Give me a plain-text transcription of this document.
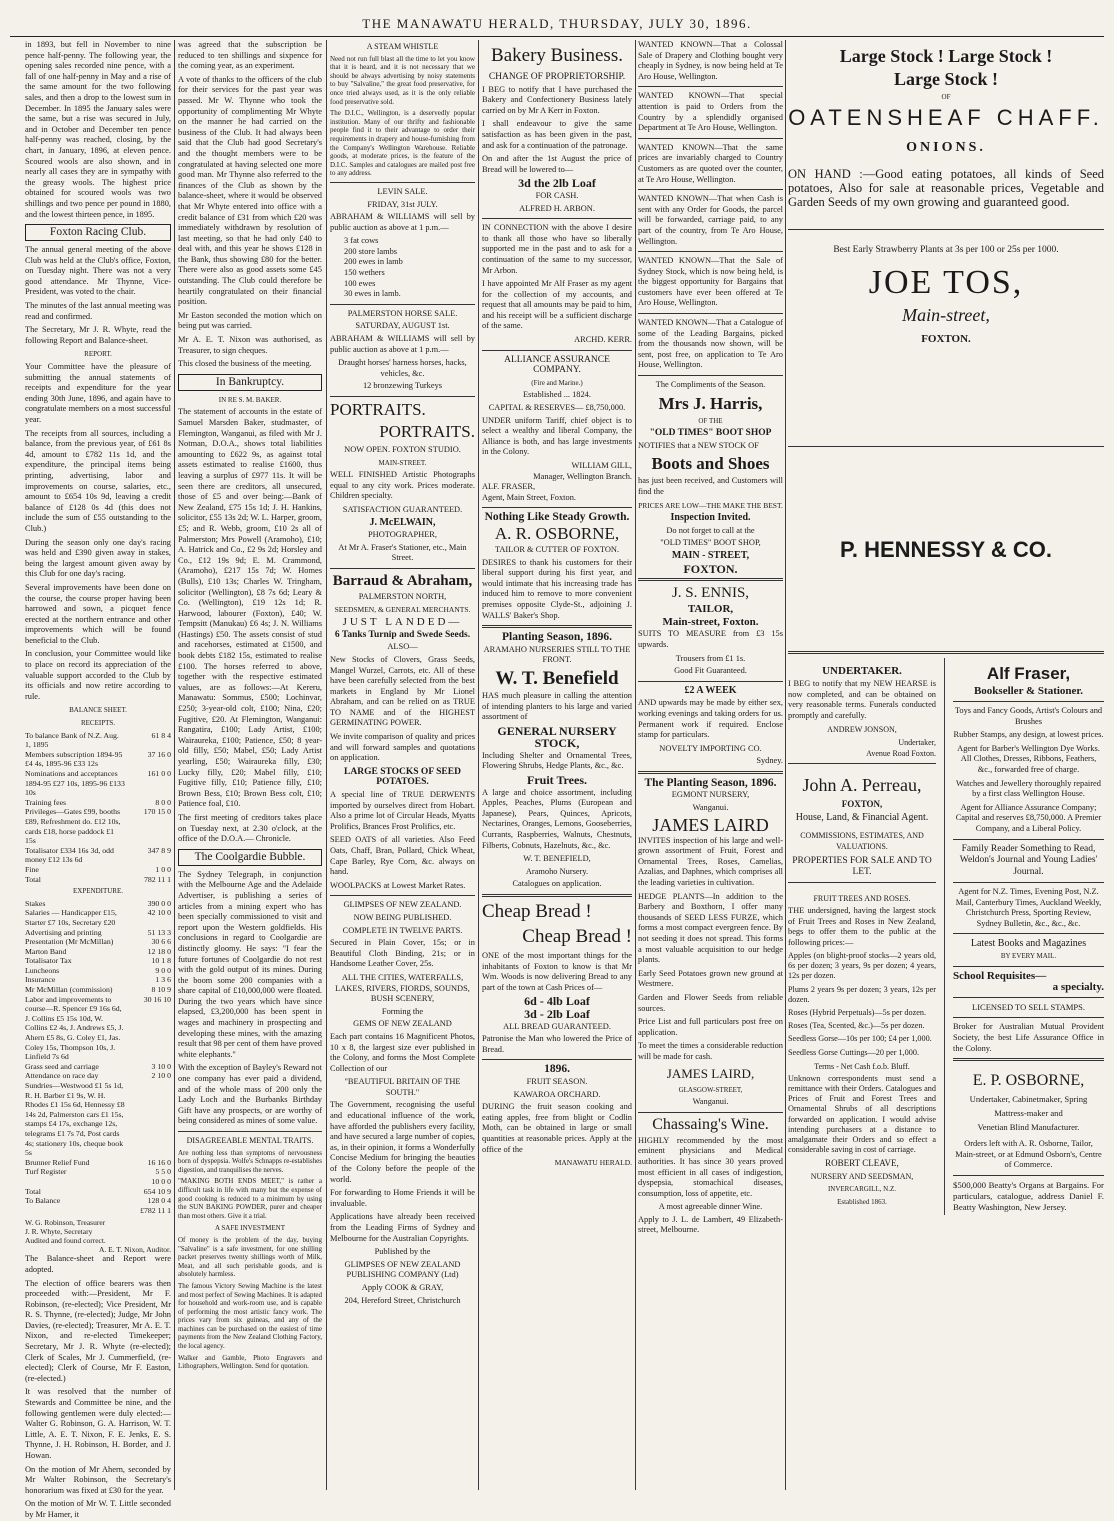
THE MANAWATU HERALD, THURSDAY, JULY 30, 1896.

in 1893, but fell in November to nine pence half-penny. The following year, the opening sales recorded nine pence, with a fall of one half-penny in May and a rise of the same amount for the two following sales, and then a drop to the lowest sum in December. In 1895 the January sales were the same, but a rise was secured in July, and in October and December ten pence half-penny was reached, closing, by the chart, in January, 1896, at eleven pence. Scoured wools are also shown, and in nearly all cases they are in sympathy with the greasy wools. The highest price obtained for scoured wools was two shillings and two pence per pound in 1880, and the lowest thirteen pence, in 1895.

Foxton Racing Club.

The annual general meeting of the above Club was held at the Club's office, Foxton, on Tuesday night. There was not a very good attendance. Mr Thynne, Vice-President, was voted to the chair.

The minutes of the last annual meeting was read and confirmed.

The Secretary, Mr J. R. Whyte, read the following Report and Balance-sheet.

REPORT.

Your Committee have the pleasure of submitting the annual statements of receipts and expenditure for the year ending 30th June, 1896, and again have to congratulate members on a most successful year.

The receipts from all sources, including a balance, from the previous year, of £61 8s 4d, amount to £782 11s 1d, and the expenditure, the principal items being printing, advertising, labor and improvements on course, salaries, etc., amount to £654 10s 9d, leaving a credit balance of £128 0s 4d (this does not include the sum of £55 outstanding to the Club.)

During the season only one day's racing was held and £390 given away in stakes, being the largest amount given away by this Club for one day's racing.

Several improvements have been done on the course, the course proper having been harrowed and sown, a picquet fence erected at the northern entrance and other improvements which will be found beneficial to the Club.

In conclusion, your Committee would like to place on record its appreciation of the valuable support accorded to the Club by its officials and now retire according to rule.

BALANCE SHEET.
RECEIPTS.
To balance Bank of N.Z. Aug. 1, 1895	61 8 4
Members subscription 1894-95 £4 4s, 1895-96 £33 12s	37 16 0
Nominations and acceptances 1894-95 £27 10s, 1895-96 £133 10s	161 0 0
Training fees	8 0 0
Privileges—Gates £99, booths £89, Refreshment do. £12 10s, cards £18, horse paddock £1 15s	170 15 0
Totalisator £334 16s 3d, odd money £12 13s 6d	347 8 9
Fine	1 0 0
Total	782 11 1
EXPENDITURE.
Stakes	390 0 0
Salaries — Handicapper £15, Starter £7 10s, Secretary £20	42 10 0
Advertising and printing	51 13 3
Presentation (Mr McMillan)	30 6 6
Marton Band	12 18 0
Totalisator Tax	10 1 8
Luncheons	9 0 0
Insurance	1 3 6
Mr McMillan (commission)	8 10 9
Labor and improvements to course—R. Spencer £9 16s 6d, J. Collins £5 15s 10d, W. Collins £2 4s, J. Andrews £5, J. Ahern £5 8s, G. Coley £1, Jas. Coley 15s, Thompson 10s, J. Linfield 7s 6d	30 16 10
Grass seed and carriage	3 10 0
Attendance on race day	2 10 0
Sundries—Westwood £1 5s 1d, R. H. Barber £1 9s, W. H. Rhodes £1 15s 6d, Hennessy £8 14s 2d, Palmerston cars £1 15s, stamps £4 17s, exchange 12s, telegrams £1 7s 7d, Post cards 4s; stationery 10s, cheque book 5s	
Brunner Relief Fund	16 16 0
Turf Register	5 5 0
	10 0 0
Total	654 10 9
To Balance	128 0 4
	£782 11 1
W. G. Robinson, Treasurer
J. R. Whyte, Secretary
Audited and found correct.
A. E. T. Nixon, Auditor.

The Balance-sheet and Report were adopted.

The election of office bearers was then proceeded with:—President, Mr F. Robinson, (re-elected); Vice President, Mr R. S. Thynne, (re-elected); Judge, Mr John Davies, (re-elected); Treasurer, Mr A. E. T. Nixon, and re-elected Timekeeper; Secretary, Mr J. R. Whyte (re-elected); Clerk of Scales, Mr J. Cummerfield, (re-elected); Clerk of Course, Mr F. Easton, (re-elected.)

It was resolved that the number of Stewards and Committee be nine, and the following gentlemen were duly elected:—Walter G. Robinson, G. A. Harrison, W. T. Little, A. E. T. Nixon, F. E. Jenks, E. S. Thynne, J. H. Robinson, H. Border, and J. Howan.

On the motion of Mr Ahern, seconded by Mr Walter Robinson, the Secretary's honorarium was fixed at £30 for the year.

On the motion of Mr W. T. Little seconded by Mr Hamer, it

was agreed that the subscription be reduced to ten shillings and sixpence for the coming year, as an experiment.

A vote of thanks to the officers of the club for their services for the past year was passed. Mr W. Thynne who took the opportunity of complimenting Mr Whyte on the manner he had carried on the business of the Club. It had always been said that the Club had good Secretary's and the thought members were to be congratulated at having selected one more good man. Mr Thynne also referred to the finances of the Club as shown by the balance-sheet, where it would be observed that Mr Whyte entered into office with a credit balance of £31 from which £20 was immediately withdrawn by resolution of last meeting, so that he had only £40 to deal with, and this year he shows £128 in the Bank, thus showing £80 for the better. There were also as good assets some £45 outstanding. The Club could therefore be heartily congratulated on their financial position.

Mr Easton seconded the motion which on being put was carried.

Mr A. E. T. Nixon was authorised, as Treasurer, to sign cheques.

This closed the business of the meeting.

In Bankruptcy.
IN RE S. M. BAKER.

The statement of accounts in the estate of Samuel Marsden Baker, studmaster, of Flemington, Wanganui, as filed with Mr J. Notman, D.O.A., shows total liabilities amounting to £622 9s, as against total assets estimated to realise £1600, thus leaving a surplus of £977 11s. It will be seen there are creditors, all unsecured, those of £5 and over being:—Bank of New Zealand, £75 15s 1d; J. H. Hankins, solicitor, £55 13s 2d; W. L. Harper, groom, £5; and R. Webb, groom, £10 2s all of Palmerston; Mrs Powell (Aramoho), £10; A. Hatrick and Co., £2 9s 2d; Horsley and Co., £12 19s 9d; E. M. Crammond, (Aramoho), £217 15s 7d; W. Homes (Bulls), £10 13s; Charles W. Tringham, solicitor (Wellington), £8 7s 6d; Leary & Co. (Wellington), £19 12s 1d; R. Harwood, labourer (Foxton), £40; W. Tempsitt (Manukau) £6 4s; J. N. Williams (Hastings) £50. The assets consist of stud and racehorses, estimated at £1500, and book debts £182 15s, estimated to realise £100. The horses referred to above, together with the respective estimated values, are as follows:—At Kereru, Manawatu: Sommus, £500; Lochinvar, £250; 3-year-old colt, £100; Nina, £20; Fugitive, £20. At Flemington, Wanganui: Rangatira, £100; Lady Artist, £100; Wairaureka, £100; Patience, £50; 8 year-old filly, £50; Mabel, £50; Lady Artist yearling, £50; Wairaureka filly, £30; Lucky filly, £20; Mabel filly, £10; Fugitive filly, £10; Patience filly, £10; Brown Bess, £10; Brown Bess colt, £10; Patience foal, £10.

The first meeting of creditors takes place on Tuesday next, at 2.30 o'clock, at the office of the D.O.A.— Chronicle.

The Coolgardie Bubble.

The Sydney Telegraph, in conjunction with the Melbourne Age and the Adelaide Advertiser, is publishing a series of articles from a mining expert who has been specially commissioned to visit and report upon the Western goldfields. His conclusions in regard to Coolgardie are distinctly gloomy. He says: "I fear the future fortunes of Coolgardie do not rest with the gold output of its mines. During the boom some 200 companies with a share capital of £10,000,000 were floated. During the two years which have since elapsed, £3,200,000 has been spent in wages and machinery in prospecting and developing these mines, with the amazing result that 98 per cent of them have proved white elephants."

With the exception of Bayley's Reward not one company has ever paid a dividend, and of the whole mass of 200 only the Lady Loch and the Burbanks Birthday Gift have any prospects, or are worthy of being considered as mines of some value.

DISAGREEABLE MENTAL TRAITS.

Are nothing less than symptoms of nervousness born of dyspepsia. Wolfe's Schnapps re-establishes digestion, and tranquilises the nerves.

"MAKING BOTH ENDS MEET," is rather a difficult task in life with many but the expense of good cooking is reduced to a minimum by using the SUN BAKING POWDER, purer and cheaper than most others. Give it a trial.

A SAFE INVESTMENT

Of money is the problem of the day, buying "Salvaline" is a safe investment, for one shilling packet preserves twenty shillings worth of Milk, Meat, and all such perishable goods, and is absolutely harmless.

The famous Victory Sewing Machine is the latest and most perfect of Sewing Machines. It is adapted for household and work-room use, and is capable of performing the most artistic fancy work. The prices vary from six guineas, and any of the machines can be purchased on the easiest of time payments from the New Zealand Clothing Factory, the local agency.

Walker and Gamble, Photo Engravers and Lithographers, Wellington. Send for quotation.

A STEAM WHISTLE

Need not run full blast all the time to let you know that it is heard, and it is not necessary that we should be always advertising by noisy statements to buy "Salvaline," the great food preservative, for once tried always used, as it is the only reliable food preservative sold.

The D.I.C., Wellington, is a deservedly popular institution. Many of our thrifty and fashionable people find it to their advantage to order their requirements in drapery and house-furnishing from the Company's Wellington Warehouse. Reliable goods, at moderate prices, is the feature of the D.I.C. Samples and catalogues are mailed post free to any address.

LEVIN SALE.
FRIDAY, 31st JULY.

ABRAHAM & WILLIAMS will sell by public auction as above at 1 p.m.—

3 fat cows
200 store lambs
200 ewes in lamb
150 wethers
100 ewes
30 ewes in lamb.
PALMERSTON HORSE SALE.
SATURDAY, AUGUST 1st.

ABRAHAM & WILLIAMS will sell by public auction as above at 1 p.m.—

Draught horses' harness horses, hacks, vehicles, &c.
12 bronzewing Turkeys
PORTRAITS.
PORTRAITS.
NOW OPEN. FOXTON STUDIO.
MAIN-STREET.

WELL FINISHED Artistic Photographs equal to any city work. Prices moderate. Children specialty.

SATISFACTION GUARANTEED.
J. McELWAIN,
PHOTOGRAPHER,
At Mr A. Fraser's Stationer, etc., Main Street.
Barraud & Abraham,
PALMERSTON NORTH,
SEEDSMEN, & GENERAL MERCHANTS.
JUST LANDED—
6 Tanks Turnip and Swede Seeds.
ALSO—

New Stocks of Clovers, Grass Seeds, Mangel Wurzel, Carrots, etc. All of these have been carefully selected from the best markets in England by Mr Lionel Abraham, and can be relied on as TRUE TO NAME and of the HIGHEST GERMINATING POWER.

We invite comparison of quality and prices and will forward samples and quotations on application.

LARGE STOCKS OF SEED POTATOES.

A special line of TRUE DERWENTS imported by ourselves direct from Hobart. Also a prime lot of Circular Heads, Myatts Prolifics, Brances Frost Prolifics, etc.

SEED OATS of all varieties. Also Feed Oats, Chaff, Bran, Pollard, Chick Wheat, Cape Barley, Rye Corn, &c. always on hand.

WOOLPACKS at Lowest Market Rates.

GLIMPSES OF NEW ZEALAND.
NOW BEING PUBLISHED.
COMPLETE IN TWELVE PARTS.

Secured in Plain Cover, 15s; or in Beautiful Cloth Binding, 21s; or in Handsome Leather Cover, 25s.

ALL THE CITIES, WATERFALLS, LAKES, RIVERS, FIORDS, SOUNDS, BUSH SCENERY,
Forming the
GEMS OF NEW ZEALAND

Each part contains 16 Magnificent Photos, 10 x 8, the largest size ever published in the Colony, and forms the Most Complete Collection of our

"BEAUTIFUL BRITAIN OF THE SOUTH."

The Government, recognising the useful and educational influence of the work, have afforded the publishers every facility, and have secured a large number of copies, as, in their opinion, it forms a Wonderfully Concise Medium for bringing the beauties of the Colony before the people of the world.

For forwarding to Home Friends it will be invaluable.

Applications have already been received from the Leading Firms of Sydney and Melbourne for the Australian Copyrights.

Published by the
GLIMPSES OF NEW ZEALAND PUBLISHING COMPANY (Ltd)
Apply COOK & GRAY,
204, Hereford Street, Christchurch
Bakery Business.
CHANGE OF PROPRIETORSHIP.

I BEG to notify that I have purchased the Bakery and Confectionery Business lately carried on by Mr A Kerr in Foxton.

I shall endeavour to give the same satisfaction as has been given in the past, and ask for a continuation of the patronage.

On and after the 1st August the price of Bread will be lowered to—

3d the 2lb Loaf
FOR CASH.
ALFRED H. ARBON.

IN CONNECTION with the above I desire to thank all those who have so liberally supported me in the past and to ask for a continuation of the same to my successor, Mr Arbon.

I have appointed Mr Alf Fraser as my agent for the collection of my accounts, and request that all amounts may be paid to him, and his receipt will be a sufficient discharge of the same.

ARCHD. KERR.
ALLIANCE ASSURANCE COMPANY.
(Fire and Marine.)
Established ... 1824.
CAPITAL & RESERVES— £8,750,000.

UNDER uniform Tariff, chief object is to select a wealthy and liberal Company, the Alliance is both, and has large investments in the Colony.

WILLIAM GILL,
Manager, Wellington Branch.
ALF. FRASER,
Agent, Main Street, Foxton.
Nothing Like Steady Growth.
A. R. OSBORNE,
TAILOR & CUTTER OF FOXTON.

DESIRES to thank his customers for their liberal support during his first year, and would intimate that his increasing trade has induced him to remove to more convenient premises opposite Clyde-St., adjoining J. WALLS' Baker's Shop.

Planting Season, 1896.
ARAMAHO NURSERIES STILL TO THE FRONT.
W. T. Benefield

HAS much pleasure in calling the attention of intending planters to his large and varied assortment of

GENERAL NURSERY
STOCK,

Including Shelter and Ornamental Trees, Flowering Shrubs, Hedge Plants, &c., &c.

Fruit Trees.

A large and choice assortment, including Apples, Peaches, Plums (European and Japanese), Pears, Quinces, Apricots, Nectarines, Oranges, Lemons, Gooseberries, Currants, Raspberries, Walnuts, Chestnuts, Filberts, Cobnuts, Hazelnuts, &c., &c.

W. T. BENEFIELD,
Aramoho Nursery.
Catalogues on application.
Cheap Bread !
Cheap Bread !

ONE of the most important things for the inhabitants of Foxton to know is that Mr Wm. Woods is now delivering Bread to any part of the town at Cash Prices of—

6d - 4lb Loaf
3d - 2lb Loaf
ALL BREAD GUARANTEED.

Patronise the Man who lowered the Price of Bread.

1896.
FRUIT SEASON.
KAWAROA ORCHARD.

DURING the fruit season cooking and eating apples, free from blight or Codlin Moth, can be obtained in large or small quantities at reasonable prices. Apply at the office of the

MANAWATU HERALD.

WANTED KNOWN—That a Colossal Sale of Drapery and Clothing bought very cheaply in Sydney, is now being held at Te Aro House, Wellington.

WANTED KNOWN—That special attention is paid to Orders from the Country by a splendidly organised Department at Te Aro House, Wellington.

WANTED KNOWN—That the same prices are invariably charged to Country Customers as are quoted over the counter, at Te Aro House, Wellington.

WANTED KNOWN—That when Cash is sent with any Order for Goods, the parcel will be forwarded, carriage paid, to any part of the country, from Te Aro House, Wellington.

WANTED KNOWN—That the Sale of Sydney Stock, which is now being held, is the biggest opportunity for Bargains that customers have ever been offered at Te Aro House, Wellington.

WANTED KNOWN—That a Catalogue of some of the Leading Bargains, picked from the thousands now shown, will be sent, post free, on application to Te Aro House, Wellington.

The Compliments of the Season.
Mrs J. Harris,
OF THE
"OLD TIMES" BOOT SHOP

NOTIFIES that a NEW STOCK OF

Boots and Shoes

has just been received, and Customers will find the

PRICES ARE LOW—THE MAKE THE BEST.
Inspection Invited.
Do not forget to call at the
"OLD TIMES" BOOT SHOP,
MAIN - STREET,
FOXTON.
J. S. ENNIS,
TAILOR,
Main-street, Foxton.

SUITS TO MEASURE from £3 15s upwards.

Trousers from £1 1s.
Good Fit Guaranteed.
£2 A WEEK

AND upwards may be made by either sex, working evenings and taking orders for us. Permanent work if required. Enclose stamp for particulars.

NOVELTY IMPORTING CO.
Sydney.
The Planting Season, 1896.
EGMONT NURSERY,
Wanganui.
JAMES LAIRD

INVITES inspection of his large and well-grown assortment of Fruit, Forest and Ornamental Trees, Roses, Camelias, Azalias, and Daphnes, which comprises all the leading varieties in cultivation.

HEDGE PLANTS—In addition to the Barbery and Boxthorn, I offer many thousands of SEED LESS FURZE, which forms a most compact evergreen fence. By not seeding it does not spread. This forms a most valuable acquisition to our hedge plants.

Early Seed Potatoes grown new ground at Westmere.

Garden and Flower Seeds from reliable sources.

Price List and full particulars post free on application.

To meet the times a considerable reduction will be made for cash.

JAMES LAIRD,
GLASGOW-STREET,
Wanganui.
Chassaing's Wine.

HIGHLY recommended by the most eminent physicians and Medical authorities. It has since 30 years proved most efficient in all cases of indigestion, dyspepsia, stomachical diseases, consumption, loss of appetite, etc.

A most agreeable dinner Wine.

Apply to J. L. de Lambert, 49 Elizabeth-street, Melbourne.

Large Stock ! Large Stock !
Large Stock !
OF
OATENSHEAF CHAFF.
ONIONS.

ON HAND :—Good eating potatoes, all kinds of Seed potatoes, Also for sale at reasonable prices, Vegetable and Garden Seeds of my own growing and guaranteed good.

Best Early Strawberry Plants at 3s per 100 or 25s per 1000.

JOE TOS,
Main-street,
FOXTON.
P. HENNESSY & CO.
UNDERTAKER.

I BEG to notify that my NEW HEARSE is now completed, and can be obtained on very reasonable terms. Funerals conducted promptly and carefully.

ANDREW JONSON,
Undertaker,
Avenue Road Foxton.
John A. Perreau,
FOXTON,
House, Land, & Financial Agent.
COMMISSIONS, ESTIMATES, AND VALUATIONS.
PROPERTIES FOR SALE AND TO LET.
FRUIT TREES AND ROSES.

THE undersigned, having the largest stock of Fruit Trees and Roses in New Zealand, begs to offer them to the public at the following prices:—

Apples (on blight-proof stocks—2 years old, 6s per dozen; 3 years, 9s per dozen; 4 years, 12s per dozen.

Plums 2 years 9s per dozen; 3 years, 12s per dozen.

Roses (Hybrid Perpetuals)—5s per dozen.

Roses (Tea, Scented, &c.)—5s per dozen.

Seedless Gorse—10s per 100; £4 per 1,000.

Seedless Gorse Cuttings—20 per 1,000.

Terms - Net Cash f.o.b. Bluff.

Unknown correspondents must send a remittance with their Orders. Catalogues and Prices of Fruit and Forest Trees and Ornamental Shrubs of all descriptions forwarded on application. I would advise intending purchasers at a distance to amalgamate their Orders and so effect a considerable saving in cost of carriage.

ROBERT CLEAVE,
NURSERY AND SEEDSMAN,
INVERCARGILL, N.Z.
Established 1863.
Alf Fraser,
Bookseller & Stationer.

Toys and Fancy Goods, Artist's Colours and Brushes

Rubber Stamps, any design, at lowest prices.

Agent for Barber's Wellington Dye Works. All Clothes, Dresses, Ribbons, Feathers, &c., forwarded free of charge.

Watches and Jewellery thoroughly repaired by a first class Wellington House.

Agent for Alliance Assurance Company; Capital and reserves £8,750,000. A Premier Company, and a Liberal Policy.

Family Reader Something to Read, Weldon's Journal and Young Ladies' Journal.

Agent for N.Z. Times, Evening Post, N.Z. Mail, Canterbury Times, Auckland Weekly, Christchurch Press, Sporting Review, Sydney Bulletin, &c., &c., &c.

Latest Books and Magazines
BY EVERY MAIL.
School Requisites—
a specialty.
LICENSED TO SELL STAMPS.

Broker for Australian Mutual Provident Society, the best Life Assurance Office in the Colony.

E. P. OSBORNE,

Undertaker, Cabinetmaker, Spring

Mattress-maker and

Venetian Blind Manufacturer.

Orders left with A. R. Osborne, Tailor, Main-street, or at Edmund Osborn's, Centre of Commerce.

$500,000 Beatty's Organs at Bargains. For particulars, catalogue, address Daniel F. Beatty Washington, New Jersey.
